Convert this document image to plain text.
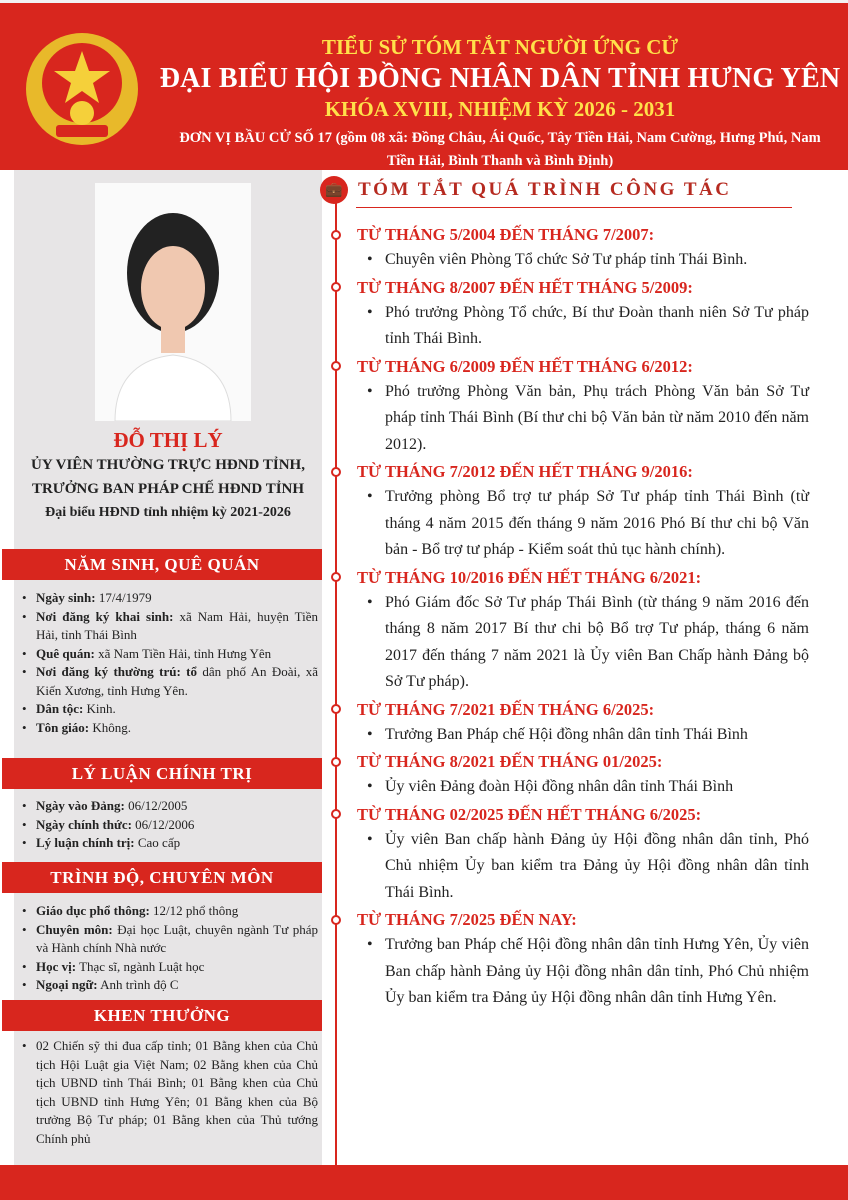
TIỂU SỬ TÓM TẮT NGƯỜI ỨNG CỬ
ĐẠI BIỂU HỘI ĐỒNG NHÂN DÂN TỈNH HƯNG YÊN
KHÓA XVIII, NHIỆM KỲ 2026 - 2031
ĐƠN VỊ BẦU CỬ SỐ 17 (gồm 08 xã: Đồng Châu, Ái Quốc, Tây Tiền Hải, Nam Cường, Hưng Phú, Nam Tiền Hải, Bình Thanh và Bình Định)
ĐỖ THỊ LÝ
ỦY VIÊN THƯỜNG TRỰC HĐND TỈNH,
TRƯỞNG BAN PHÁP CHẾ HĐND TỈNH
Đại biểu HĐND tỉnh nhiệm kỳ 2021-2026
NĂM SINH, QUÊ QUÁN
• Ngày sinh: 17/4/1979
• Nơi đăng ký khai sinh: xã Nam Hải, huyện Tiền Hải, tỉnh Thái Bình
• Quê quán: xã Nam Tiền Hải, tỉnh Hưng Yên
• Nơi đăng ký thường trú: tổ dân phố An Đoài, xã Kiến Xương, tỉnh Hưng Yên.
• Dân tộc: Kinh.
• Tôn giáo: Không.
LÝ LUẬN CHÍNH TRỊ
• Ngày vào Đảng: 06/12/2005
• Ngày chính thức: 06/12/2006
• Lý luận chính trị: Cao cấp
TRÌNH ĐỘ, CHUYÊN MÔN
• Giáo dục phổ thông: 12/12 phổ thông
• Chuyên môn: Đại học Luật, chuyên ngành Tư pháp và Hành chính Nhà nước
• Học vị: Thạc sĩ, ngành Luật học
• Ngoại ngữ: Anh trình độ C
KHEN THƯỞNG
• 02 Chiến sỹ thi đua cấp tỉnh; 01 Bằng khen của Chủ tịch Hội Luật gia Việt Nam; 02 Bằng khen của Chủ tịch UBND tỉnh Thái Bình; 01 Bằng khen của Chủ tịch UBND tỉnh Hưng Yên; 01 Bằng khen của Bộ trưởng Bộ Tư pháp; 01 Bằng khen của Thủ tướng Chính phủ
💼 TÓM TẮT QUÁ TRÌNH CÔNG TÁC
TỪ THÁNG 5/2004 ĐẾN THÁNG 7/2007:
• Chuyên viên Phòng Tổ chức Sở Tư pháp tỉnh Thái Bình.
TỪ THÁNG 8/2007 ĐẾN HẾT THÁNG 5/2009:
• Phó trưởng Phòng Tổ chức, Bí thư Đoàn thanh niên Sở Tư pháp tỉnh Thái Bình.
TỪ THÁNG 6/2009 ĐẾN HẾT THÁNG 6/2012:
• Phó trưởng Phòng Văn bản, Phụ trách Phòng Văn bản Sở Tư pháp tỉnh Thái Bình (Bí thư chi bộ Văn bản từ năm 2010 đến năm 2012).
TỪ THÁNG 7/2012 ĐẾN HẾT THÁNG 9/2016:
• Trưởng phòng Bổ trợ tư pháp Sở Tư pháp tỉnh Thái Bình (từ tháng 4 năm 2015 đến tháng 9 năm 2016 Phó Bí thư chi bộ Văn bản - Bổ trợ tư pháp - Kiểm soát thủ tục hành chính).
TỪ THÁNG 10/2016 ĐẾN HẾT THÁNG 6/2021:
• Phó Giám đốc Sở Tư pháp Thái Bình (từ tháng 9 năm 2016 đến tháng 8 năm 2017 Bí thư chi bộ Bổ trợ Tư pháp, tháng 6 năm 2017 đến tháng 7 năm 2021 là Ủy viên Ban Chấp hành Đảng bộ Sở Tư pháp).
TỪ THÁNG 7/2021 ĐẾN THÁNG 6/2025:
• Trưởng Ban Pháp chế Hội đồng nhân dân tỉnh Thái Bình
TỪ THÁNG 8/2021 ĐẾN THÁNG 01/2025:
• Ủy viên Đảng đoàn Hội đồng nhân dân tỉnh Thái Bình
TỪ THÁNG 02/2025 ĐẾN HẾT THÁNG 6/2025:
• Ủy viên Ban chấp hành Đảng ủy Hội đồng nhân dân tỉnh, Phó Chủ nhiệm Ủy ban kiểm tra Đảng ủy Hội đồng nhân dân tỉnh Thái Bình.
TỪ THÁNG 7/2025 ĐẾN NAY:
• Trưởng ban Pháp chế Hội đồng nhân dân tỉnh Hưng Yên, Ủy viên Ban chấp hành Đảng ủy Hội đồng nhân dân tỉnh, Phó Chủ nhiệm Ủy ban kiểm tra Đảng ủy Hội đồng nhân dân tỉnh Hưng Yên.
